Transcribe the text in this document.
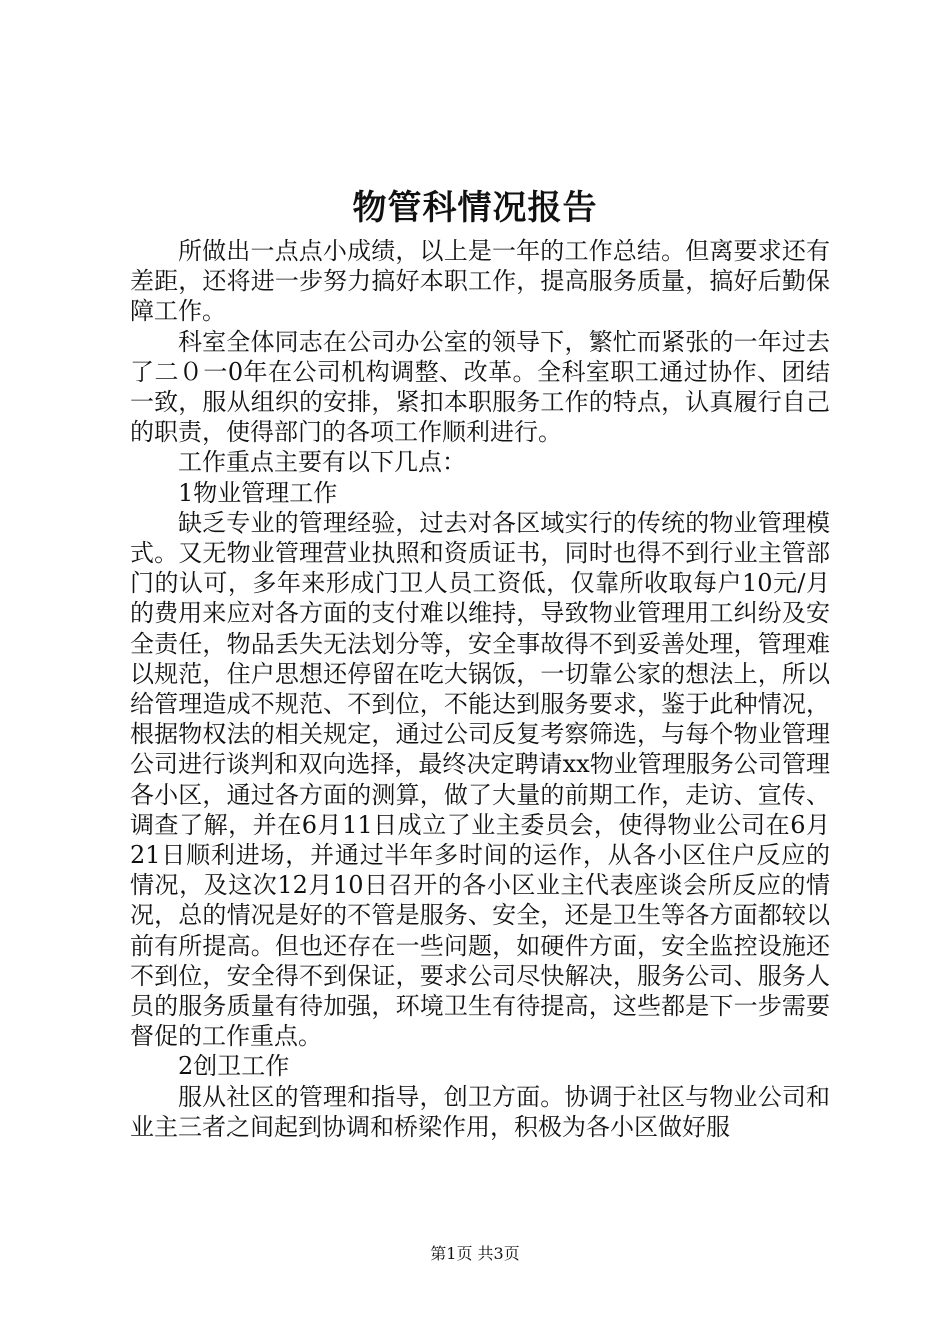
物管科情况报告

所做出一点点小成绩，以上是一年的工作总结。但离要求还有差距，还将进一步努力搞好本职工作，提高服务质量，搞好后勤保障工作。

科室全体同志在公司办公室的领导下，繁忙而紧张的一年过去了二０一0年在公司机构调整、改革。全科室职工通过协作、团结一致，服从组织的安排，紧扣本职服务工作的特点，认真履行自己的职责，使得部门的各项工作顺利进行。

工作重点主要有以下几点：

1物业管理工作

缺乏专业的管理经验，过去对各区域实行的传统的物业管理模式。又无物业管理营业执照和资质证书，同时也得不到行业主管部门的认可，多年来形成门卫人员工资低，仅靠所收取每户10元/月的费用来应对各方面的支付难以维持，导致物业管理用工纠纷及安全责任，物品丢失无法划分等，安全事故得不到妥善处理，管理难以规范，住户思想还停留在吃大锅饭，一切靠公家的想法上，所以给管理造成不规范、不到位，不能达到服务要求，鉴于此种情况，根据物权法的相关规定，通过公司反复考察筛选，与每个物业管理公司进行谈判和双向选择，最终决定聘请xx物业管理服务公司管理各小区，通过各方面的测算，做了大量的前期工作，走访、宣传、调查了解，并在6月11日成立了业主委员会，使得物业公司在6月21日顺利进场，并通过半年多时间的运作，从各小区住户反应的情况，及这次12月10日召开的各小区业主代表座谈会所反应的情况，总的情况是好的不管是服务、安全，还是卫生等各方面都较以前有所提高。但也还存在一些问题，如硬件方面，安全监控设施还不到位，安全得不到保证，要求公司尽快解决，服务公司、服务人员的服务质量有待加强，环境卫生有待提高，这些都是下一步需要督促的工作重点。

2创卫工作

服从社区的管理和指导，创卫方面。协调于社区与物业公司和业主三者之间起到协调和桥梁作用，积极为各小区做好服

第1页 共3页
